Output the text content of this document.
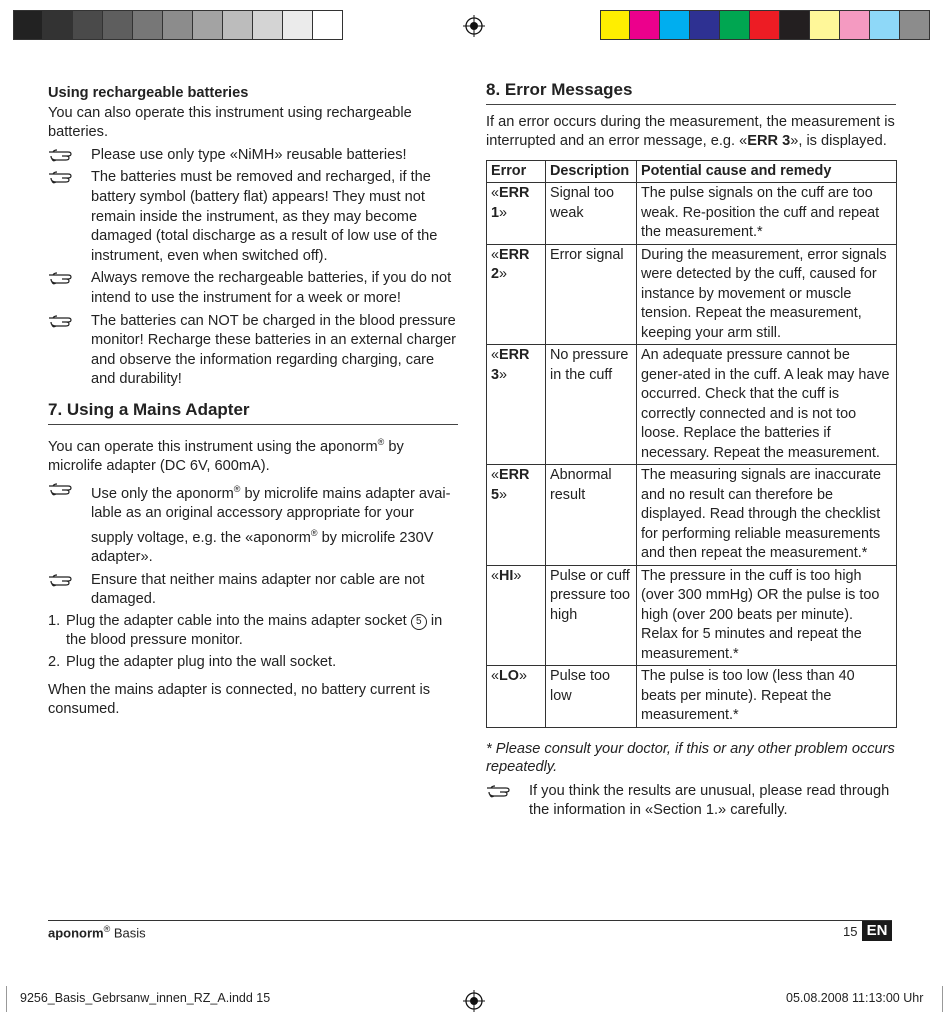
Using rechargeable batteries

You can also operate this instrument using rechargeable batteries.

Please use only type «NiMH» reusable batteries!
The batteries must be removed and recharged, if the battery symbol (battery flat) appears! They must not remain inside the instrument, as they may become damaged (total discharge as a result of low use of the instrument, even when switched off).
Always remove the rechargeable batteries, if you do not intend to use the instrument for a week or more!
The batteries can NOT be charged in the blood pressure monitor! Recharge these batteries in an external charger and observe the information regarding charging, care and durability!
7. Using a Mains Adapter

You can operate this instrument using the aponorm® by microlife adapter (DC 6V, 600mA).

Use only the aponorm® by microlife mains adapter avai-lable as an original accessory appropriate for your supply voltage, e.g. the «aponorm® by microlife 230V adapter».
Ensure that neither mains adapter nor cable are not damaged.
1. Plug the adapter cable into the mains adapter socket 5 in the blood pressure monitor.
2. Plug the adapter plug into the wall socket.

When the mains adapter is connected, no battery current is consumed.

8. Error Messages

If an error occurs during the measurement, the measurement is interrupted and an error message, e.g. «ERR 3», is displayed.

Error	Description	Potential cause and remedy
«ERR 1»	Signal too weak	The pulse signals on the cuff are too weak. Re-position the cuff and repeat the measurement.*
«ERR 2»	Error signal	During the measurement, error signals were detected by the cuff, caused for instance by movement or muscle tension. Repeat the measurement, keeping your arm still.
«ERR 3»	No pressure in the cuff	An adequate pressure cannot be gener-ated in the cuff. A leak may have occurred. Check that the cuff is correctly connected and is not too loose. Replace the batteries if necessary. Repeat the measurement.
«ERR 5»	Abnormal result	The measuring signals are inaccurate and no result can therefore be displayed. Read through the checklist for performing reliable measurements and then repeat the measurement.*
«HI»	Pulse or cuff pressure too high	The pressure in the cuff is too high (over 300 mmHg) OR the pulse is too high (over 200 beats per minute). Relax for 5 minutes and repeat the measurement.*
«LO»	Pulse too low	The pulse is too low (less than 40 beats per minute). Repeat the measurement.*

* Please consult your doctor, if this or any other problem occurs repeatedly.

If you think the results are unusual, please read through the information in «Section 1.» carefully.
aponorm® Basis	15 EN
9256_Basis_Gebrsanw_innen_RZ_A.indd 15	05.08.2008 11:13:00 Uhr
